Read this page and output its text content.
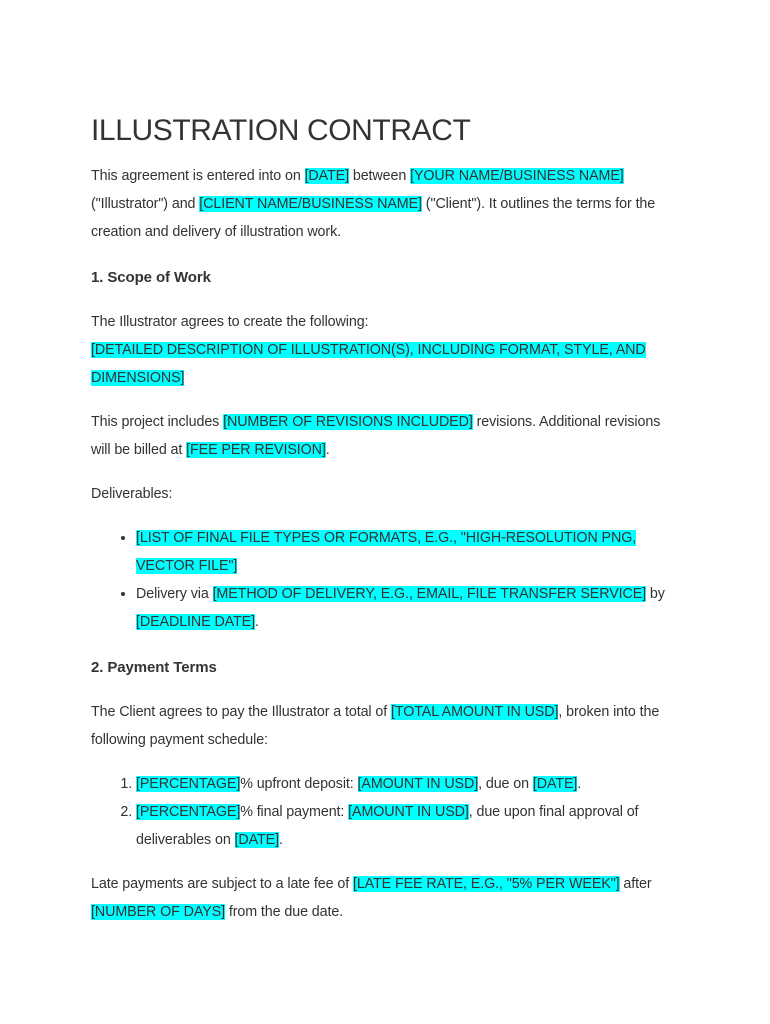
ILLUSTRATION CONTRACT

This agreement is entered into on [DATE] between [YOUR NAME/BUSINESS NAME] ("Illustrator") and [CLIENT NAME/BUSINESS NAME] ("Client"). It outlines the terms for the creation and delivery of illustration work.

1. Scope of Work

The Illustrator agrees to create the following:
[DETAILED DESCRIPTION OF ILLUSTRATION(S), INCLUDING FORMAT, STYLE, AND DIMENSIONS]

This project includes [NUMBER OF REVISIONS INCLUDED] revisions. Additional revisions will be billed at [FEE PER REVISION].

Deliverables:

• [LIST OF FINAL FILE TYPES OR FORMATS, E.G., "HIGH-RESOLUTION PNG, VECTOR FILE"]
• Delivery via [METHOD OF DELIVERY, E.G., EMAIL, FILE TRANSFER SERVICE] by [DEADLINE DATE].
2. Payment Terms

The Client agrees to pay the Illustrator a total of [TOTAL AMOUNT IN USD], broken into the following payment schedule:

1. [PERCENTAGE]% upfront deposit: [AMOUNT IN USD], due on [DATE].
2. [PERCENTAGE]% final payment: [AMOUNT IN USD], due upon final approval of deliverables on [DATE].

Late payments are subject to a late fee of [LATE FEE RATE, E.G., "5% PER WEEK"] after [NUMBER OF DAYS] from the due date.
